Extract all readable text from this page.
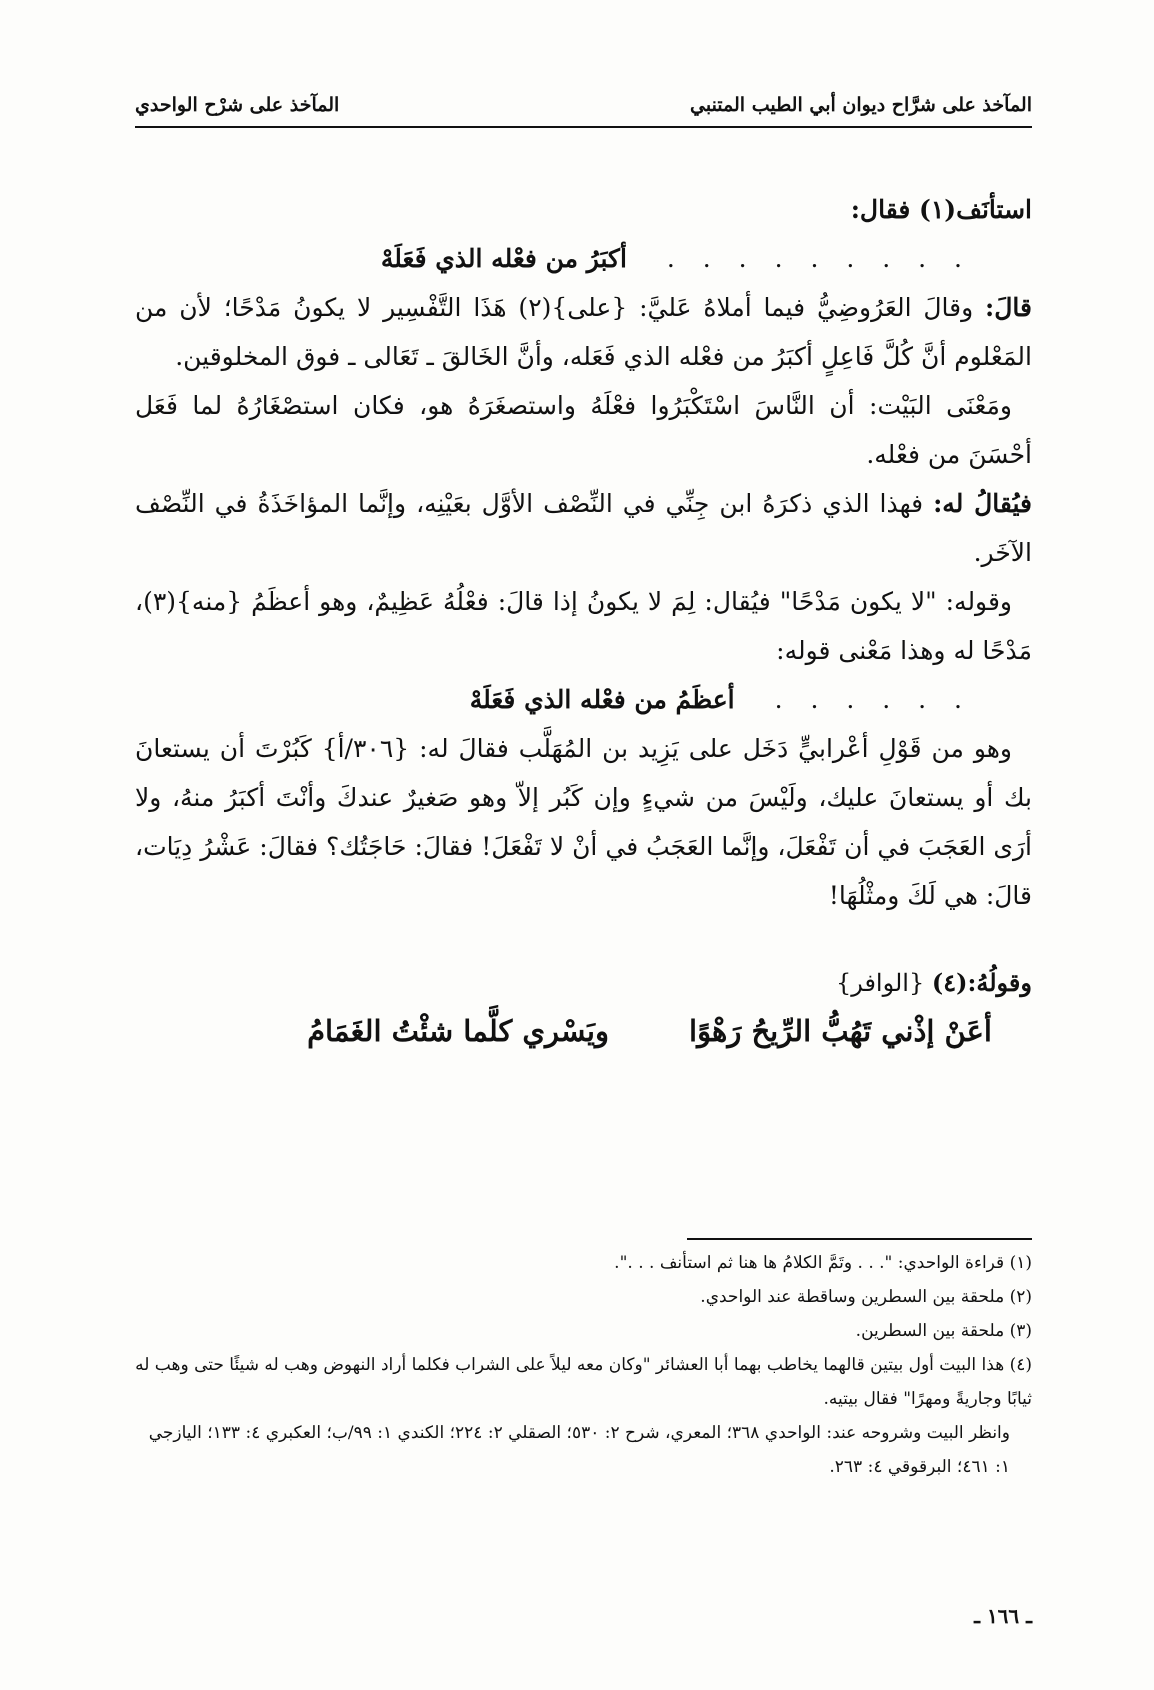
المآخذ على شرَّاح ديوان أبي الطيب المتنبي
المآخذ على شرْح الواحدي

استأنَف(١) فقال:

. . . . . . . . .
أكبَرُ من فعْله الذي فَعَلَهْ

قالَ: وقالَ العَرُوضِيُّ فيما أملاهُ عَليَّ: {على}(٢) هَذَا التَّفْسِير لا يكونُ مَدْحًا؛ لأن من المَعْلوم أنَّ كُلَّ فَاعِلٍ أكبَرُ من فعْله الذي فَعَله، وأنَّ الخَالقَ ـ تَعَالى ـ فوق المخلوقين.

ومَعْنَى البَيْت: أن النَّاسَ اسْتَكْبَرُوا فعْلَهُ واستصغَرَهُ هو، فكان استصْغَارُهُ لما فَعَل أحْسَنَ من فعْله.

فيُقالُ له: فهذا الذي ذكرَهُ ابن جِنِّي في النِّصْف الأوَّل بعَيْنِه، وإنَّما المؤاخَذَةُ في النِّصْف الآخَر.

وقوله: "لا يكون مَدْحًا" فيُقال: لِمَ لا يكونُ إذا قالَ: فعْلُهُ عَظِيمٌ، وهو أعظَمُ {منه}(٣)، مَدْحًا له وهذا مَعْنى قوله:

. . . . . .
أعظَمُ من فعْله الذي فَعَلَهْ

وهو من قَوْلِ أعْرابيٍّ دَخَل على يَزِيد بن المُهَلَّب فقالَ له: {٣٠٦/أ} كَبُرْتَ أن يستعانَ بك أو يستعانَ عليك، ولَيْسَ من شيءٍ وإن كَبُر إلاّ وهو صَغيرٌ عندكَ وأنْتَ أكبَرُ منهُ، ولا أرَى العَجَبَ في أن تَفْعَلَ، وإنَّما العَجَبُ في أنْ لا تَفْعَلَ! فقالَ: حَاجَتُك؟ فقالَ: عَشْرُ دِيَات، قالَ: هي لَكَ ومثْلُهَا!

وقولُهُ:(٤) {الوافر}

أعَنْ إذْني تَهُبُّ الرِّيحُ رَهْوًا
ويَسْري كلَّما شئْتُ الغَمَامُ

(١) قراءة الواحدي: ". . . وتَمَّ الكلامُ ها هنا ثم استأنف . . .".

(٢) ملحقة بين السطرين وساقطة عند الواحدي.

(٣) ملحقة بين السطرين.

(٤) هذا البيت أول بيتين قالهما يخاطب بهما أبا العشائر "وكان معه ليلاً على الشراب فكلما أراد النهوض وهب له شيئًا حتى وهب له ثيابًا وجاريةً ومهرًا" فقال بيتيه.

وانظر البيت وشروحه عند: الواحدي ٣٦٨؛ المعري، شرح ٢: ٥٣٠؛ الصقلي ٢: ٢٢٤؛ الكندي ١: ٩٩/ب؛ العكبري ٤: ١٣٣؛ اليازجي ١: ٤٦١؛ البرقوقي ٤: ٢٦٣.

ـ ١٦٦ ـ
